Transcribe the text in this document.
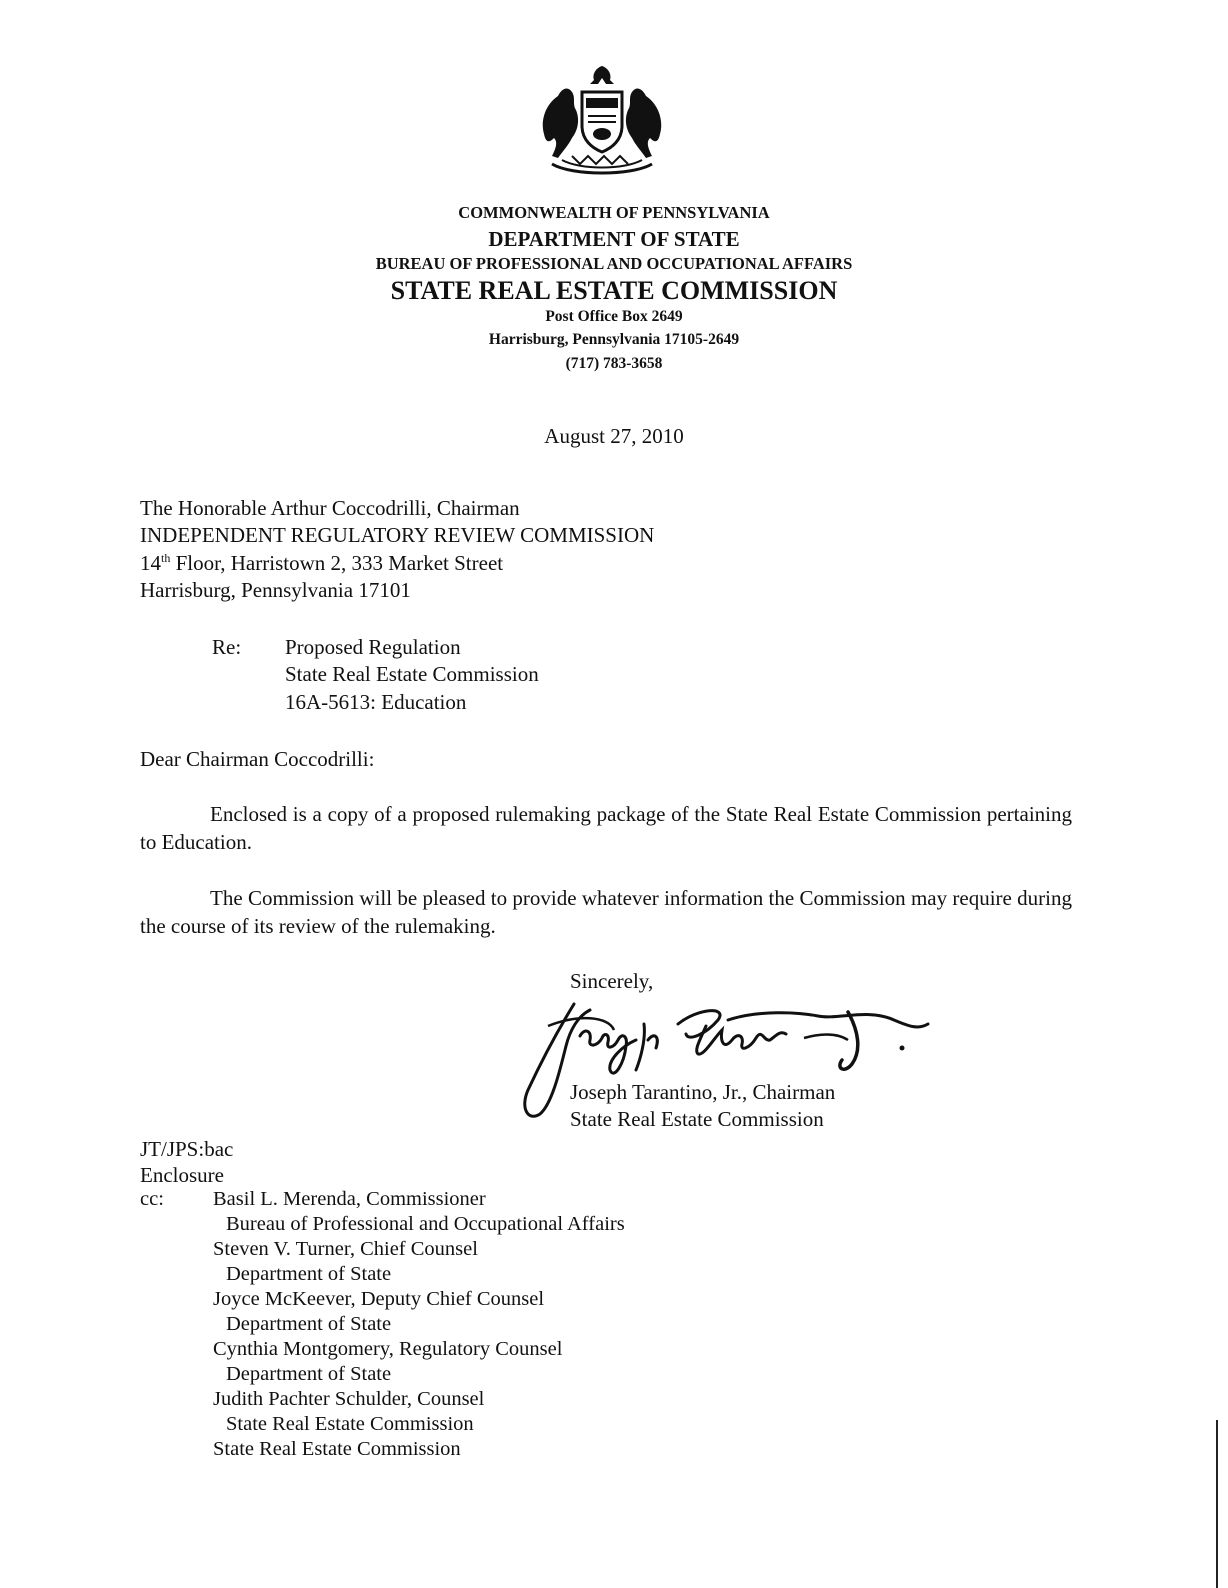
COMMONWEALTH OF PENNSYLVANIA
DEPARTMENT OF STATE
BUREAU OF PROFESSIONAL AND OCCUPATIONAL AFFAIRS
STATE REAL ESTATE COMMISSION
Post Office Box 2649
Harrisburg, Pennsylvania 17105-2649
(717) 783-3658
August 27, 2010
The Honorable Arthur Coccodrilli, Chairman
INDEPENDENT REGULATORY REVIEW COMMISSION
14th Floor, Harristown 2, 333 Market Street
Harrisburg, Pennsylvania 17101
Re: Proposed Regulation
State Real Estate Commission
16A-5613: Education
Dear Chairman Coccodrilli:
Enclosed is a copy of a proposed rulemaking package of the State Real Estate Commission pertaining to Education.
The Commission will be pleased to provide whatever information the Commission may require during the course of its review of the rulemaking.
Sincerely,
Joseph Tarantino, Jr., Chairman
State Real Estate Commission
JT/JPS:bac
Enclosure
cc: Basil L. Merenda, Commissioner
Bureau of Professional and Occupational Affairs
Steven V. Turner, Chief Counsel
Department of State
Joyce McKeever, Deputy Chief Counsel
Department of State
Cynthia Montgomery, Regulatory Counsel
Department of State
Judith Pachter Schulder, Counsel
State Real Estate Commission
State Real Estate Commission
